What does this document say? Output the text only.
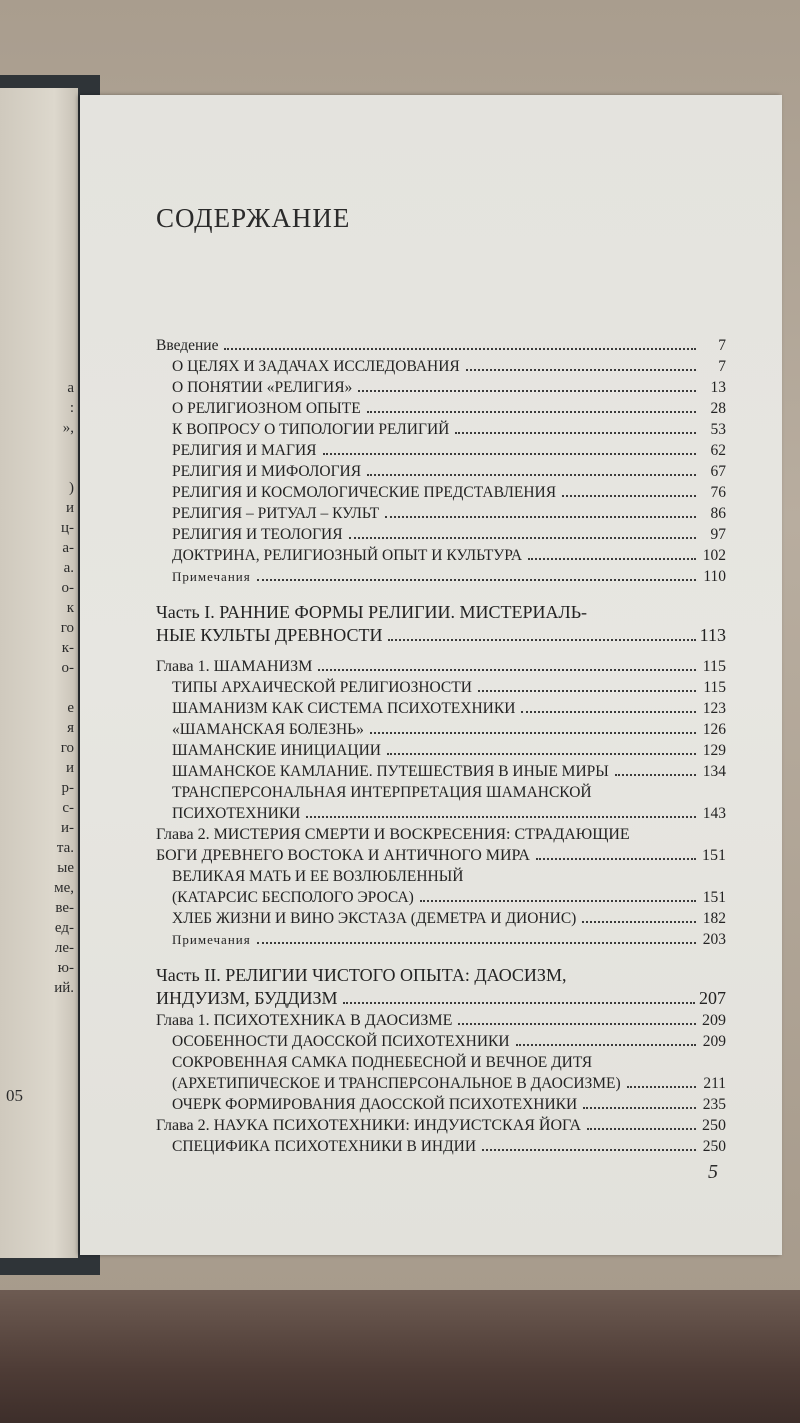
а
:
»,

)
и
ц-
а-
а.
о-
к
го
к-
о-

е
я
го
и
р-
с-
и-
та.
ые
ме,
ве-
ед-
ле-
ю-
ий.
05
СОДЕРЖАНИЕ
Введение	7
О ЦЕЛЯХ И ЗАДАЧАХ ИССЛЕДОВАНИЯ	7
О ПОНЯТИИ «РЕЛИГИЯ»	13
О РЕЛИГИОЗНОМ ОПЫТЕ	28
К ВОПРОСУ О ТИПОЛОГИИ РЕЛИГИЙ	53
РЕЛИГИЯ И МАГИЯ	62
РЕЛИГИЯ И МИФОЛОГИЯ	67
РЕЛИГИЯ И КОСМОЛОГИЧЕСКИЕ ПРЕДСТАВЛЕНИЯ	76
РЕЛИГИЯ – РИТУАЛ – КУЛЬТ	86
РЕЛИГИЯ И ТЕОЛОГИЯ	97
ДОКТРИНА, РЕЛИГИОЗНЫЙ ОПЫТ И КУЛЬТУРА	102
Примечания	110
Часть I. РАННИЕ ФОРМЫ РЕЛИГИИ. МИСТЕРИАЛЬ-
НЫЕ КУЛЬТЫ ДРЕВНОСТИ	113
Глава 1. ШАМАНИЗМ	115
ТИПЫ АРХАИЧЕСКОЙ РЕЛИГИОЗНОСТИ	115
ШАМАНИЗМ КАК СИСТЕМА ПСИХОТЕХНИКИ	123
«ШАМАНСКАЯ БОЛЕЗНЬ»	126
ШАМАНСКИЕ ИНИЦИАЦИИ	129
ШАМАНСКОЕ КАМЛАНИЕ. ПУТЕШЕСТВИЯ В ИНЫЕ МИРЫ	134
ТРАНСПЕРСОНАЛЬНАЯ ИНТЕРПРЕТАЦИЯ ШАМАНСКОЙ
ПСИХОТЕХНИКИ	143
Глава 2. МИСТЕРИЯ СМЕРТИ И ВОСКРЕСЕНИЯ: СТРАДАЮЩИЕ
БОГИ ДРЕВНЕГО ВОСТОКА И АНТИЧНОГО МИРА	151
ВЕЛИКАЯ МАТЬ И ЕЕ ВОЗЛЮБЛЕННЫЙ
(КАТАРСИС БЕСПОЛОГО ЭРОСА)	151
ХЛЕБ ЖИЗНИ И ВИНО ЭКСТАЗА (ДЕМЕТРА И ДИОНИС)	182
Примечания	203
Часть II. РЕЛИГИИ ЧИСТОГО ОПЫТА: ДАОСИЗМ,
ИНДУИЗМ, БУДДИЗМ	207
Глава 1. ПСИХОТЕХНИКА В ДАОСИЗМЕ	209
ОСОБЕННОСТИ ДАОССКОЙ ПСИХОТЕХНИКИ	209
СОКРОВЕННАЯ САМКА ПОДНЕБЕСНОЙ И ВЕЧНОЕ ДИТЯ
(АРХЕТИПИЧЕСКОЕ И ТРАНСПЕРСОНАЛЬНОЕ В ДАОСИЗМЕ)	211
ОЧЕРК ФОРМИРОВАНИЯ ДАОССКОЙ ПСИХОТЕХНИКИ	235
Глава 2. НАУКА ПСИХОТЕХНИКИ: ИНДУИСТСКАЯ ЙОГА	250
СПЕЦИФИКА ПСИХОТЕХНИКИ В ИНДИИ	250
5
